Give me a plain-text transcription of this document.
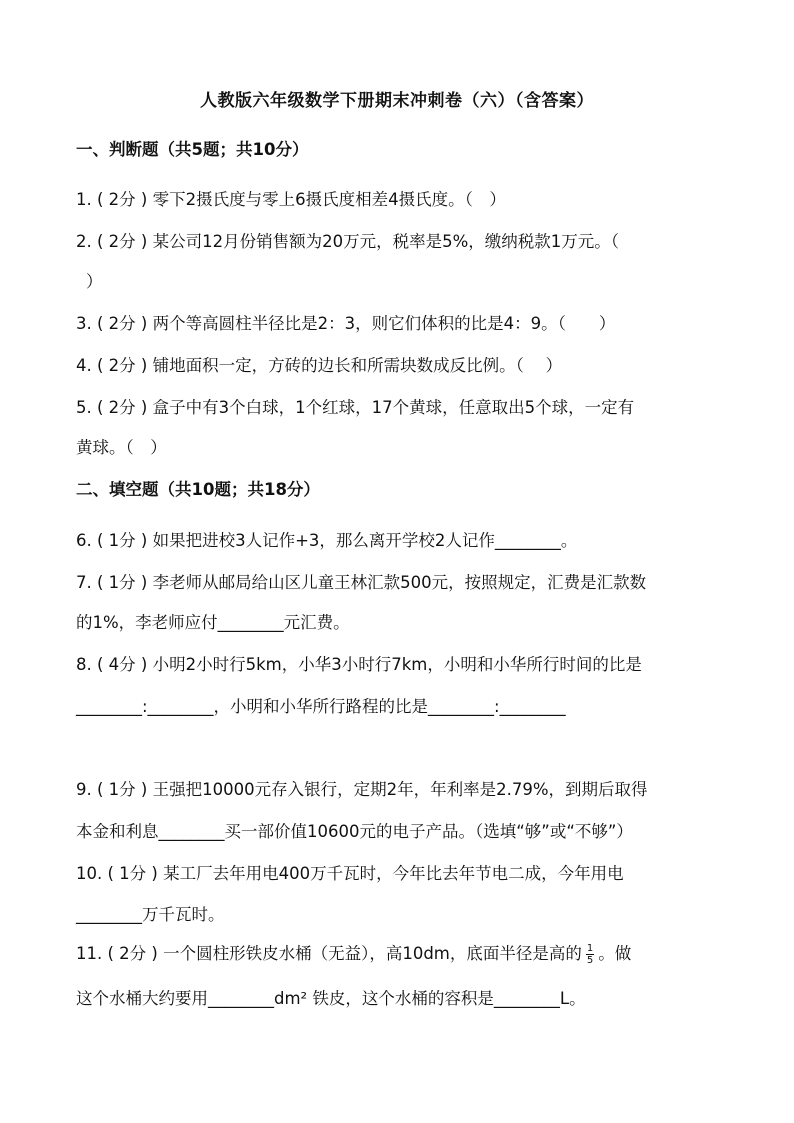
人教版六年级数学下册期末冲刺卷（六）（含答案）
一、判断题（共5题；共10分）
1. ( 2分 ) 零下2摄氏度与零上6摄氏度相差4摄氏度。（　）
2. ( 2分 ) 某公司12月份销售额为20万元，税率是5%，缴纳税款1万元。（
）
3. ( 2分 ) 两个等高圆柱半径比是2：3，则它们体积的比是4：9。（　　）
4. ( 2分 ) 铺地面积一定，方砖的边长和所需块数成反比例。（　 ）
5. ( 2分 ) 盒子中有3个白球，1个红球，17个黄球，任意取出5个球，一定有
黄球。（　）
二、填空题（共10题；共18分）
6. ( 1分 ) 如果把进校3人记作+3，那么离开学校2人记作________。
7. ( 1分 ) 李老师从邮局给山区儿童王林汇款500元，按照规定，汇费是汇款数
的1%，李老师应付________元汇费。
8. ( 4分 ) 小明2小时行5km，小华3小时行7km，小明和小华所行时间的比是
________:________，小明和小华所行路程的比是________:________
9. ( 1分 ) 王强把10000元存入银行，定期2年，年利率是2.79%，到期后取得
本金和利息________买一部价值10600元的电子产品。（选填“够”或“不够”）
10. ( 1分 ) 某工厂去年用电400万千瓦时，今年比去年节电二成，今年用电
________万千瓦时。
11. ( 2分 ) 一个圆柱形铁皮水桶（无益），高10dm，底面半径是高的 $\frac{1}{5}$ 。做
这个水桶大约要用________dm² 铁皮，这个水桶的容积是________L。
